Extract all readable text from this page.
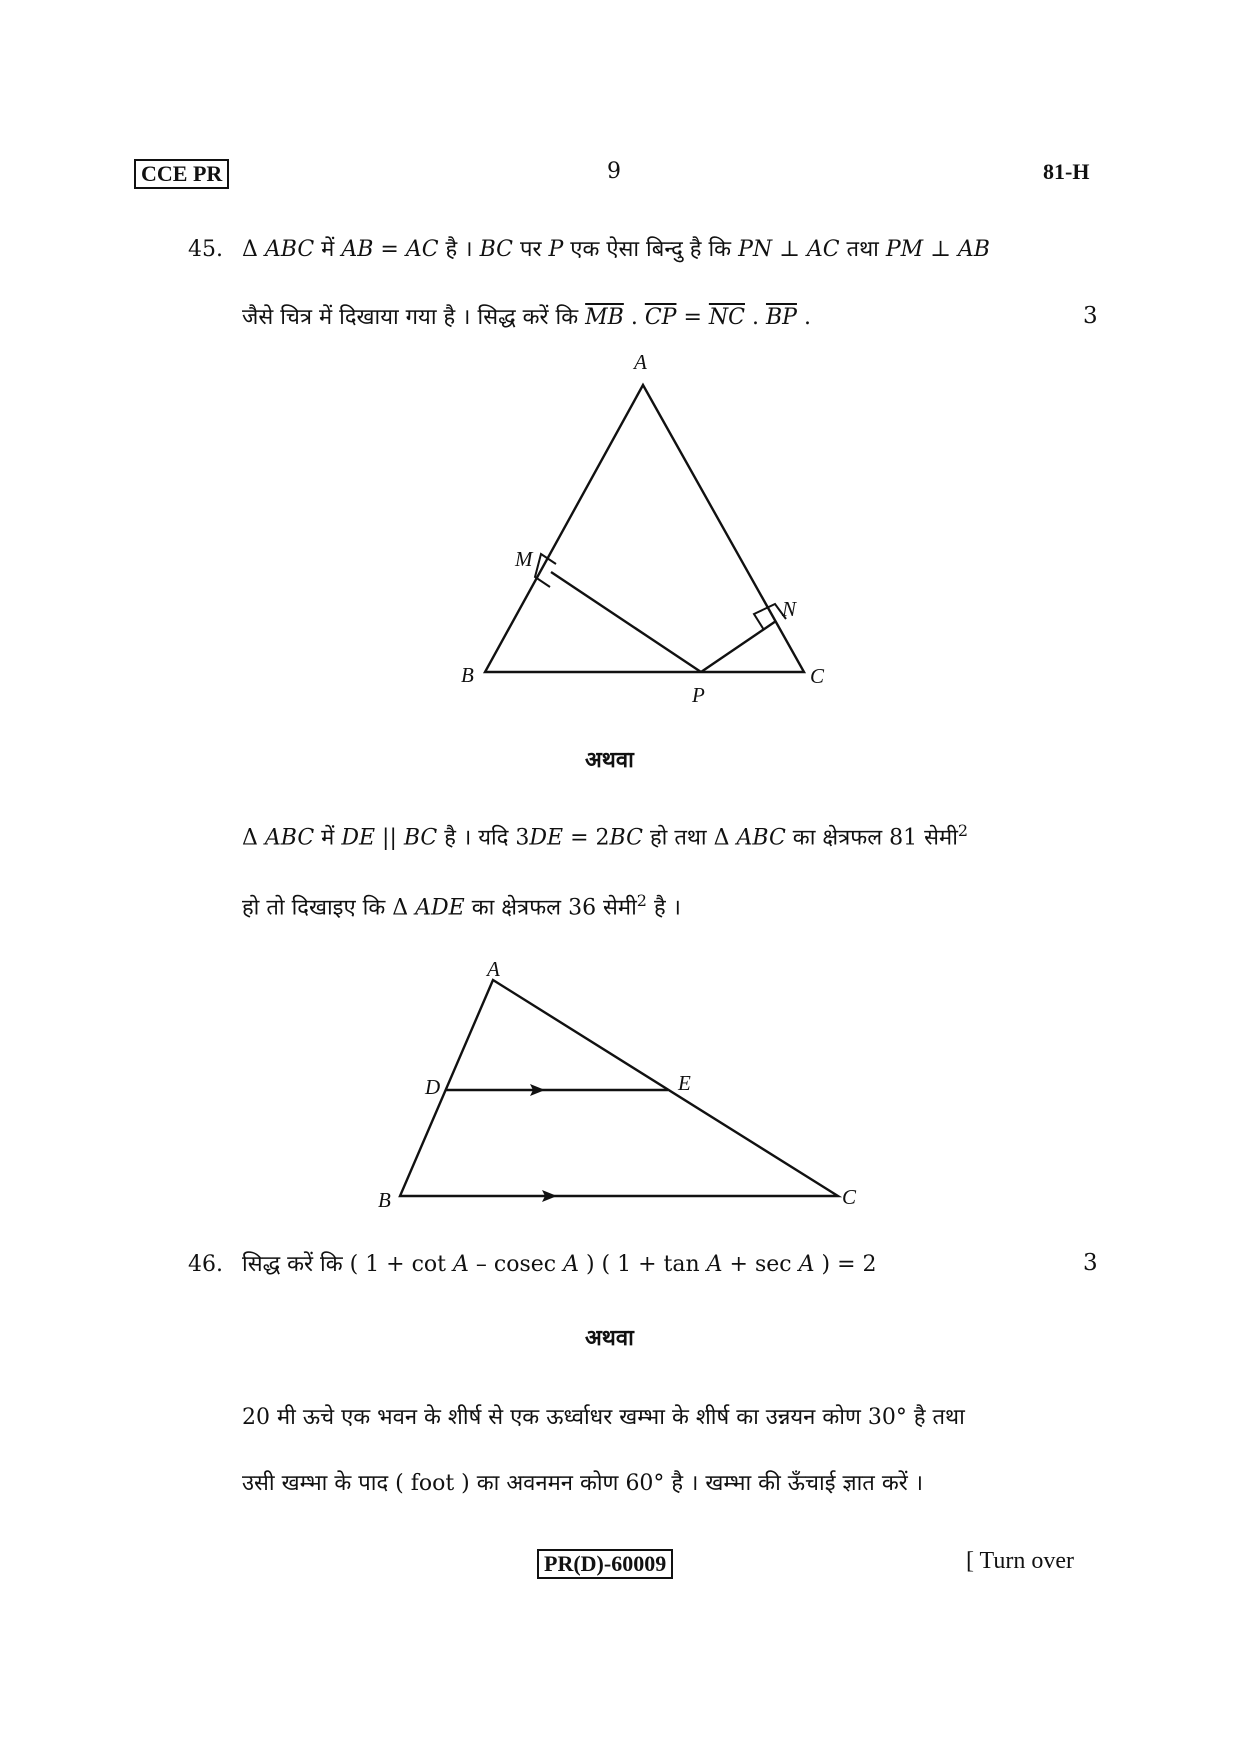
CCE PR	9	81-H
45. Δ ABC में AB = AC है । BC पर P एक ऐसा बिन्दु है कि PN ⊥ AC तथा PM ⊥ AB
जैसे चित्र में दिखाया गया है । सिद्ध करें कि $\overline{MB}$ . $\overline{CP} = \overline{NC}$ . $\overline{BP}$ .	3
A
M
N
B
P
C
अथवा
Δ ABC में DE || BC है । यदि 3DE = 2BC हो तथा Δ ABC का क्षेत्रफल 81 सेमी$^2$
हो तो दिखाइए कि Δ ADE का क्षेत्रफल 36 सेमी$^2$ है ।
A
D	E
B	C
46. सिद्ध करें कि ( 1 + cot A – cosec A ) ( 1 + tan A + sec A ) = 2	3
अथवा
20 मी ऊचे एक भवन के शीर्ष से एक ऊर्ध्वाधर खम्भा के शीर्ष का उन्नयन कोण 30° है तथा
उसी खम्भा के पाद ( foot ) का अवनमन कोण 60° है । खम्भा की ऊँचाई ज्ञात करें ।
PR(D)-60009	[ Turn over
